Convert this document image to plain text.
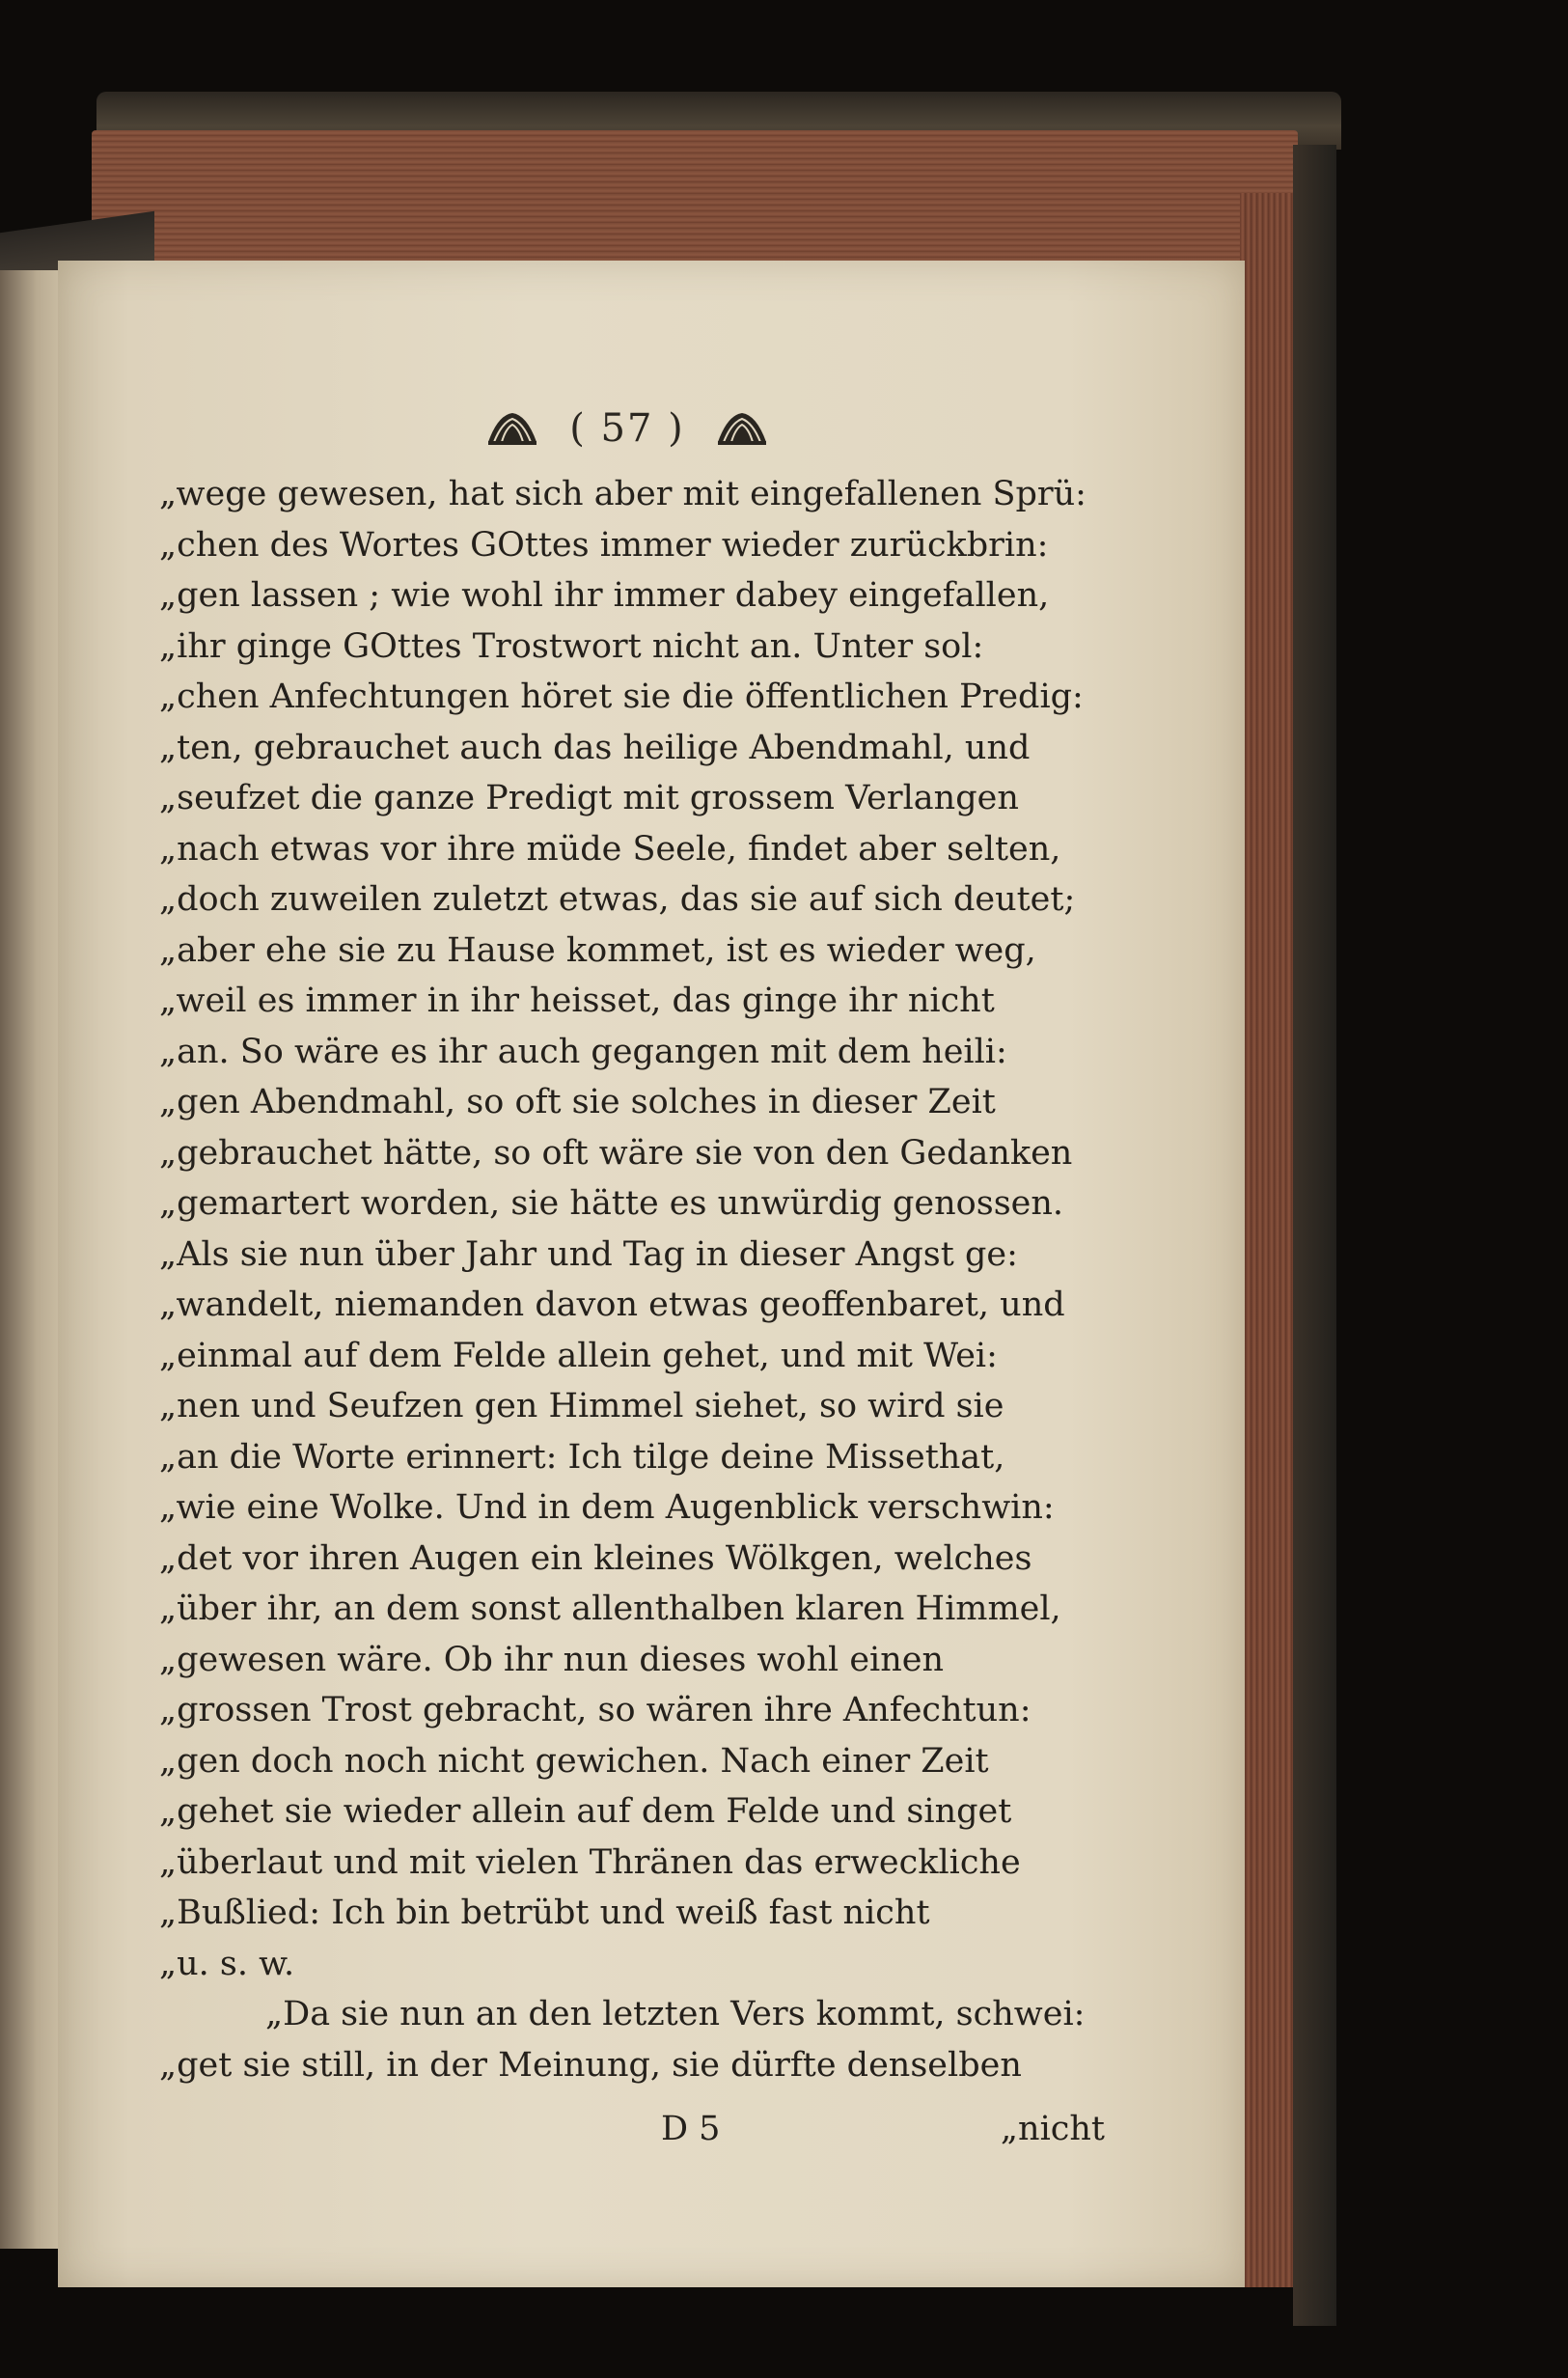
( 57 )
„wege gewesen, hat sich aber mit eingefallenen Sprü:
„chen des Wortes GOttes immer wieder zurückbrin:
„gen lassen ; wie wohl ihr immer dabey eingefallen,
„ihr ginge GOttes Trostwort nicht an. Unter sol:
„chen Anfechtungen höret sie die öffentlichen Predig:
„ten, gebrauchet auch das heilige Abendmahl, und
„seufzet die ganze Predigt mit grossem Verlangen
„nach etwas vor ihre müde Seele, findet aber selten,
„doch zuweilen zuletzt etwas, das sie auf sich deutet;
„aber ehe sie zu Hause kommet, ist es wieder weg,
„weil es immer in ihr heisset, das ginge ihr nicht
„an. So wäre es ihr auch gegangen mit dem heili:
„gen Abendmahl, so oft sie solches in dieser Zeit
„gebrauchet hätte, so oft wäre sie von den Gedanken
„gemartert worden, sie hätte es unwürdig genossen.
„Als sie nun über Jahr und Tag in dieser Angst ge:
„wandelt, niemanden davon etwas geoffenbaret, und
„einmal auf dem Felde allein gehet, und mit Wei:
„nen und Seufzen gen Himmel siehet, so wird sie
„an die Worte erinnert: Ich tilge deine Missethat,
„wie eine Wolke. Und in dem Augenblick verschwin:
„det vor ihren Augen ein kleines Wölkgen, welches
„über ihr, an dem sonst allenthalben klaren Himmel,
„gewesen wäre. Ob ihr nun dieses wohl einen
„grossen Trost gebracht, so wären ihre Anfechtun:
„gen doch noch nicht gewichen. Nach einer Zeit
„gehet sie wieder allein auf dem Felde und singet
„überlaut und mit vielen Thränen das erweckliche
„Bußlied: Ich bin betrübt und weiß fast nicht
„u. s. w.
„Da sie nun an den letzten Vers kommt, schwei:
„get sie still, in der Meinung, sie dürfte denselben
D 5	„nicht
